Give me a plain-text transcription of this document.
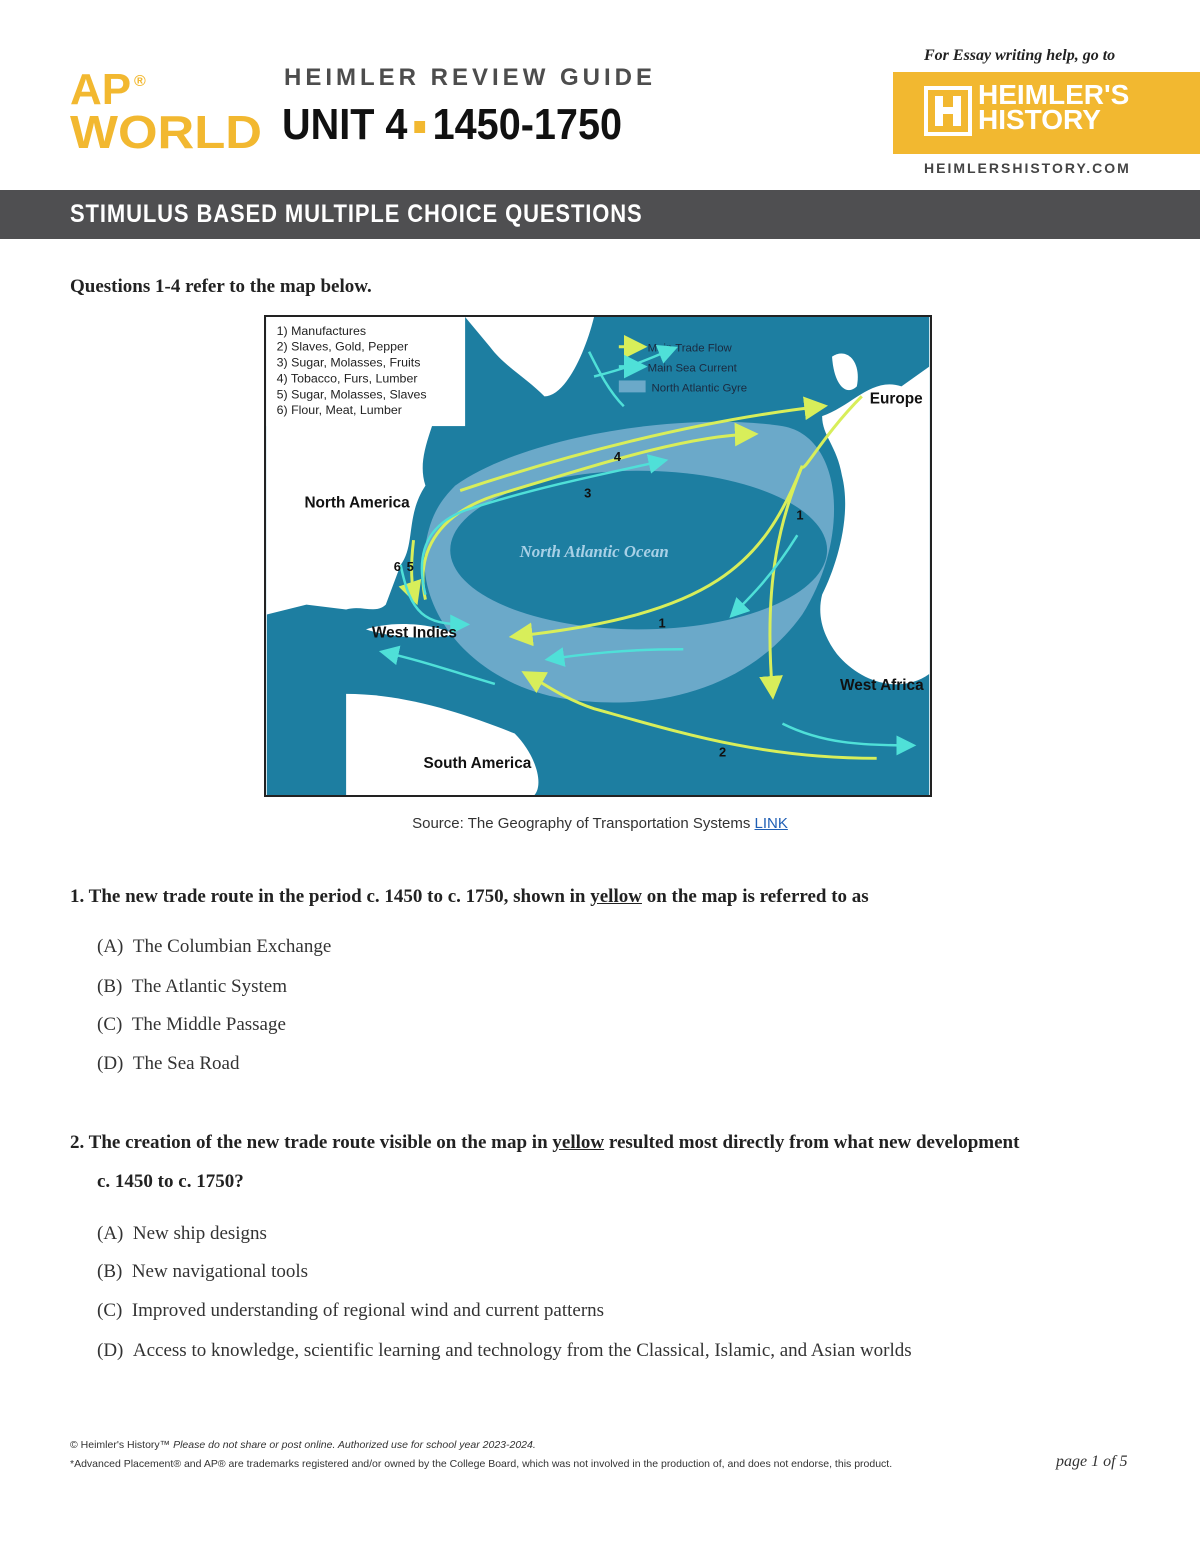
AP ®
WORLD
HEIMLER REVIEW GUIDE
UNIT 4 1450-1750
For Essay writing help, go to
HEIMLER'S
HISTORY
HEIMLERSHISTORY.COM
STIMULUS BASED MULTIPLE CHOICE QUESTIONS
Questions 1-4 refer to the map below.
1) Manufactures
2) Slaves, Gold, Pepper
3) Sugar, Molasses, Fruits
4) Tobacco, Furs, Lumber
5) Sugar, Molasses, Slaves
6) Flour, Meat, Lumber
Main Trade Flow
Main Sea Current
North Atlantic Gyre
1
1
2
3
4
5
6
North America
Europe
West Indies
West Africa
South America
North Atlantic Ocean
Source: The Geography of Transportation Systems LINK
1. The new trade route in the period c. 1450 to c. 1750, shown in yellow on the map is referred to as
(A) The Columbian Exchange
(B) The Atlantic System
(C) The Middle Passage
(D) The Sea Road
2. The creation of the new trade route visible on the map in yellow resulted most directly from what new development
c. 1450 to c. 1750?
(A) New ship designs
(B) New navigational tools
(C) Improved understanding of regional wind and current patterns
(D) Access to knowledge, scientific learning and technology from the Classical, Islamic, and Asian worlds
© Heimler's History™ Please do not share or post online. Authorized use for school year 2023-2024.
*Advanced Placement® and AP® are trademarks registered and/or owned by the College Board, which was not involved in the production of, and does not endorse, this product.	page 1 of 5
